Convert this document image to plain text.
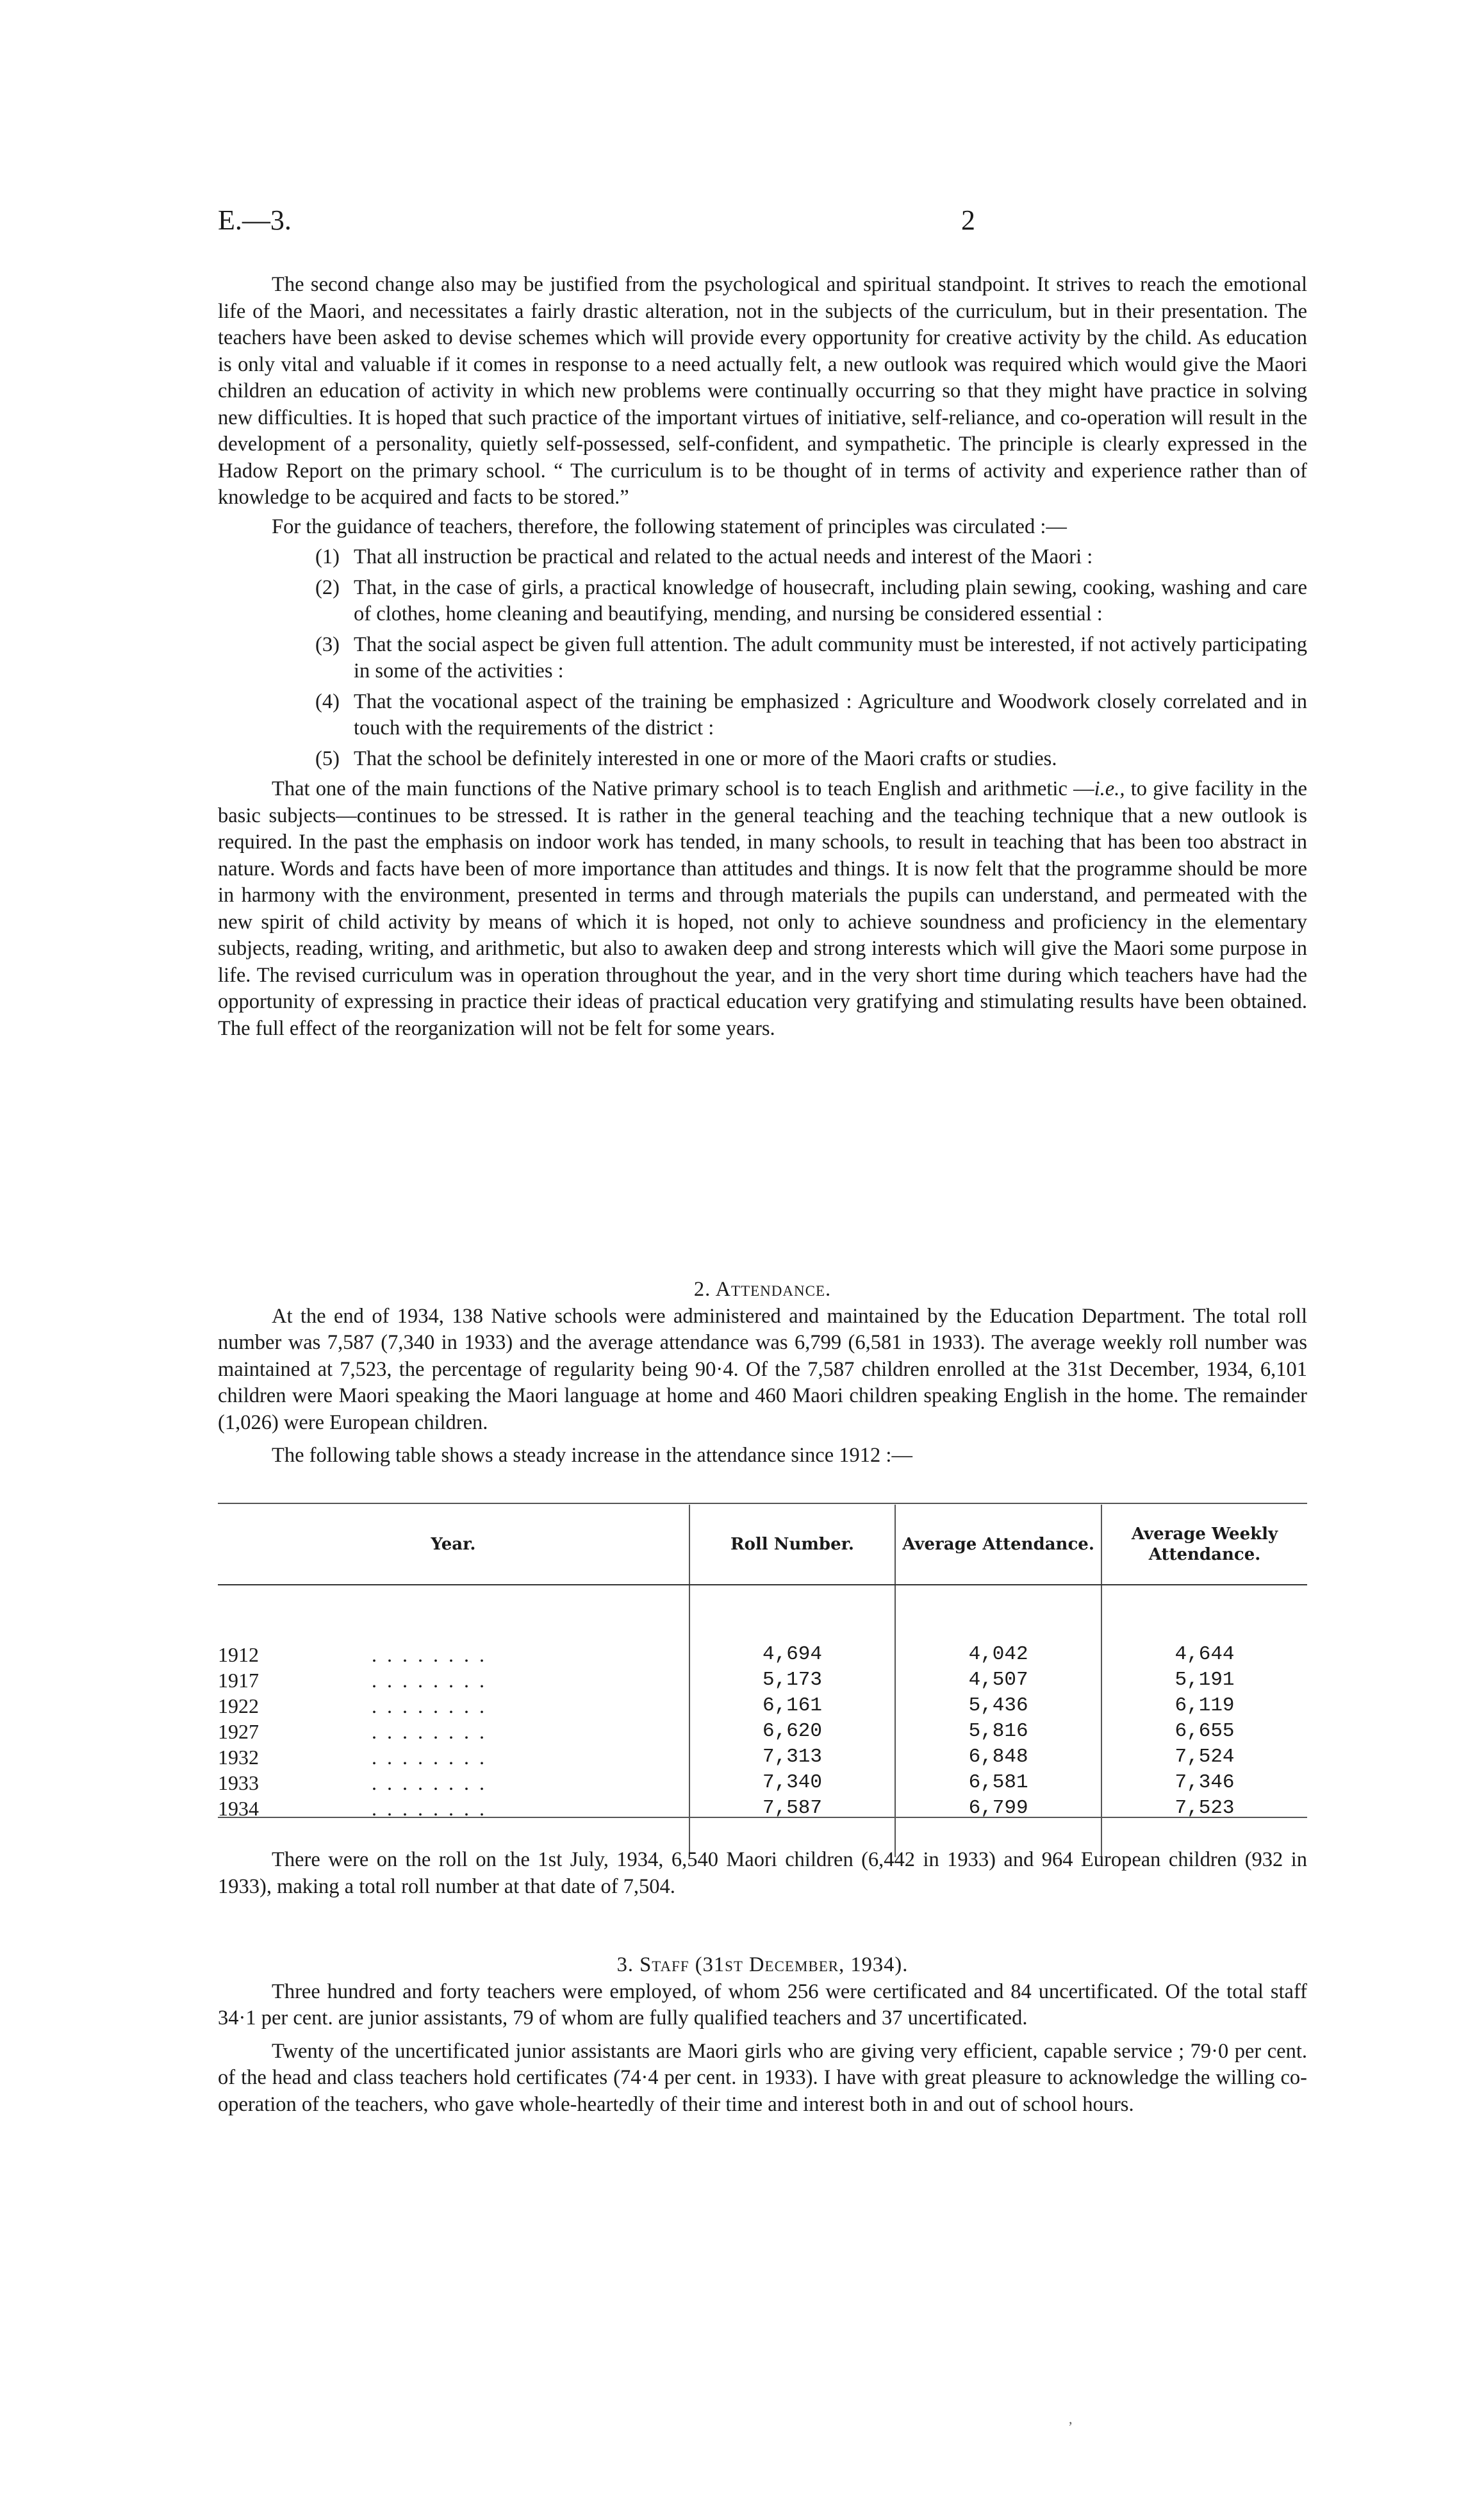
E.—3.	2

The second change also may be justified from the psychological and spiritual standpoint. It strives to reach the emotional life of the Maori, and necessitates a fairly drastic alteration, not in the subjects of the curriculum, but in their presentation. The teachers have been asked to devise schemes which will provide every opportunity for creative activity by the child. As education is only vital and valuable if it comes in response to a need actually felt, a new outlook was required which would give the Maori children an education of activity in which new problems were continually occurring so that they might have practice in solving new difficulties. It is hoped that such practice of the important virtues of initiative, self-reliance, and co-operation will result in the development of a personality, quietly self-possessed, self-confident, and sympathetic. The principle is clearly expressed in the Hadow Report on the primary school. “ The curriculum is to be thought of in terms of activity and experience rather than of knowledge to be acquired and facts to be stored.”

For the guidance of teachers, therefore, the following statement of principles was circulated :—

(1) That all instruction be practical and related to the actual needs and interest of the Maori :
(2) That, in the case of girls, a practical knowledge of housecraft, including plain sewing, cooking, washing and care of clothes, home cleaning and beautifying, mending, and nursing be considered essential :
(3) That the social aspect be given full attention. The adult community must be interested, if not actively participating in some of the activities :
(4) That the vocational aspect of the training be emphasized : Agriculture and Woodwork closely correlated and in touch with the requirements of the district :
(5) That the school be definitely interested in one or more of the Maori crafts or studies.

That one of the main functions of the Native primary school is to teach English and arithmetic —i.e., to give facility in the basic subjects—continues to be stressed. It is rather in the general teaching and the teaching technique that a new outlook is required. In the past the emphasis on indoor work has tended, in many schools, to result in teaching that has been too abstract in nature. Words and facts have been of more importance than attitudes and things. It is now felt that the programme should be more in harmony with the environment, presented in terms and through materials the pupils can understand, and permeated with the new spirit of child activity by means of which it is hoped, not only to achieve soundness and proficiency in the elementary subjects, reading, writing, and arithmetic, but also to awaken deep and strong interests which will give the Maori some purpose in life. The revised curriculum was in operation throughout the year, and in the very short time during which teachers have had the opportunity of expressing in practice their ideas of practical education very gratifying and stimulating results have been obtained. The full effect of the reorganization will not be felt for some years.

2. Attendance.

At the end of 1934, 138 Native schools were administered and maintained by the Education Department. The total roll number was 7,587 (7,340 in 1933) and the average attendance was 6,799 (6,581 in 1933). The average weekly roll number was maintained at 7,523, the percentage of regularity being 90·4. Of the 7,587 children enrolled at the 31st December, 1934, 6,101 children were Maori speaking the Maori language at home and 460 Maori children speaking English in the home. The remainder (1,026) were European children.

The following table shows a steady increase in the attendance since 1912 :—

Year.	Roll Number.	Average Attendance.	Average Weekly Attendance.
1912 . . . . . . . .	4,694	4,042	4,644
1917 . . . . . . . .	5,173	4,507	5,191
1922 . . . . . . . .	6,161	5,436	6,119
1927 . . . . . . . .	6,620	5,816	6,655
1932 . . . . . . . .	7,313	6,848	7,524
1933 . . . . . . . .	7,340	6,581	7,346
1934 . . . . . . . .	7,587	6,799	7,523

There were on the roll on the 1st July, 1934, 6,540 Maori children (6,442 in 1933) and 964 European children (932 in 1933), making a total roll number at that date of 7,504.

3. Staff (31st December, 1934).

Three hundred and forty teachers were employed, of whom 256 were certificated and 84 uncertificated. Of the total staff 34·1 per cent. are junior assistants, 79 of whom are fully qualified teachers and 37 uncertificated.

Twenty of the uncertificated junior assistants are Maori girls who are giving very efficient, capable service ; 79·0 per cent. of the head and class teachers hold certificates (74·4 per cent. in 1933). I have with great pleasure to acknowledge the willing co-operation of the teachers, who gave whole-heartedly of their time and interest both in and out of school hours.

,
